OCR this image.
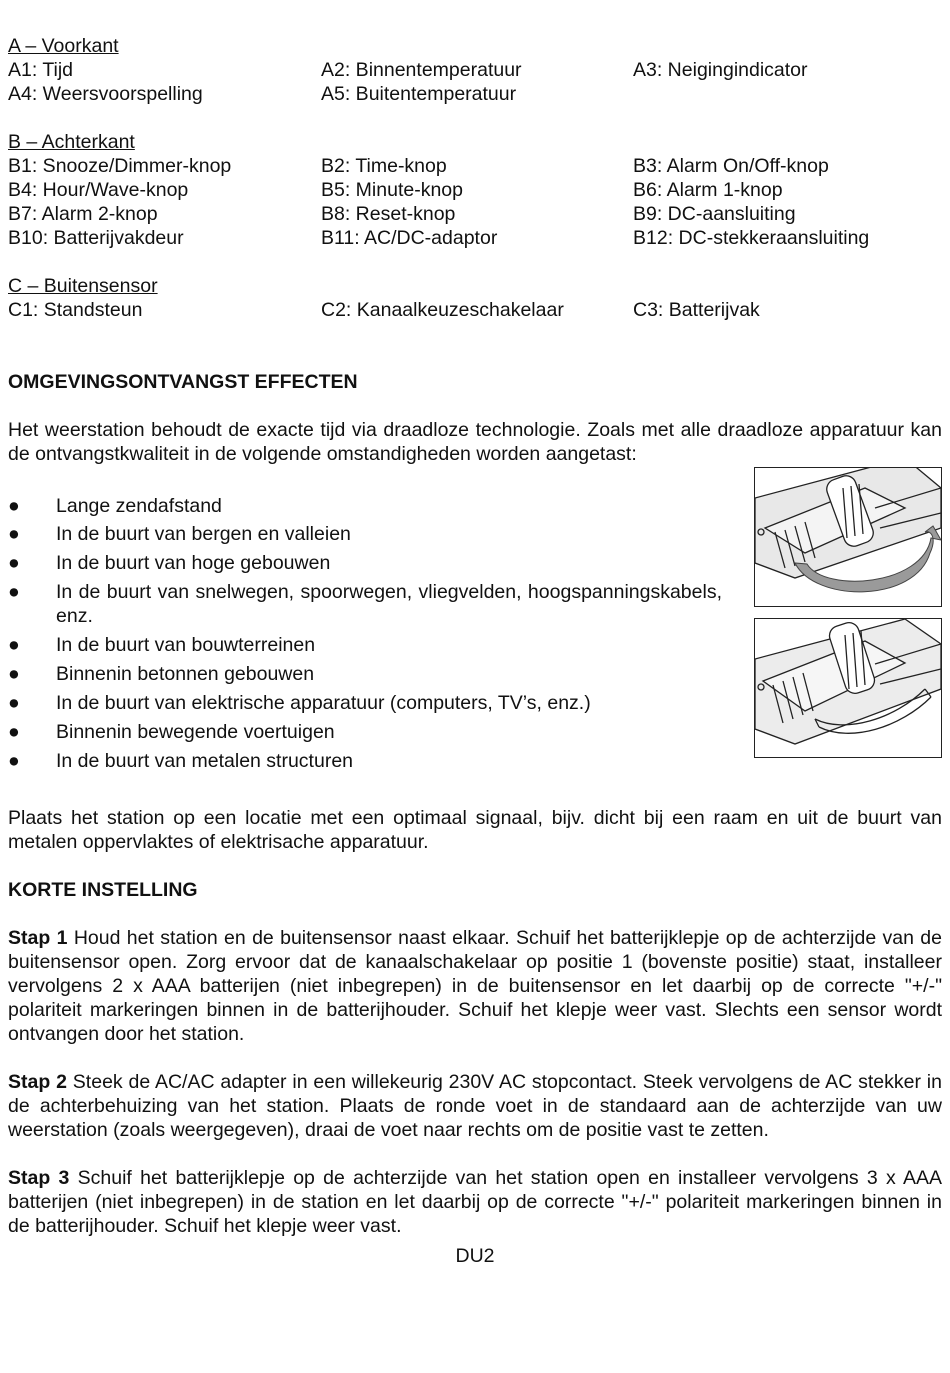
A – Voorkant
A1: Tijd	A2: Binnentemperatuur	A3: Neigingindicator
A4: Weersvoorspelling	A5: Buitentemperatuur
B – Achterkant
B1: Snooze/Dimmer-knop	B2: Time-knop	B3: Alarm On/Off-knop
B4: Hour/Wave-knop	B5: Minute-knop	B6: Alarm 1-knop
B7: Alarm 2-knop	B8: Reset-knop	B9: DC-aansluiting
B10: Batterijvakdeur	B11: AC/DC-adaptor	B12: DC-stekkeraansluiting
C – Buitensensor
C1: Standsteun	C2: Kanaalkeuzeschakelaar	C3: Batterijvak
OMGEVINGSONTVANGST EFFECTEN

Het weerstation behoudt de exacte tijd via draadloze technologie. Zoals met alle draadloze apparatuur kan de ontvangstkwaliteit in de volgende omstandigheden worden aangetast:

● Lange zendafstand
● In de buurt van bergen en valleien
● In de buurt van hoge gebouwen
● In de buurt van snelwegen, spoorwegen, vliegvelden, hoogspanningskabels, enz.
● In de buurt van bouwterreinen
● Binnenin betonnen gebouwen
● In de buurt van elektrische apparatuur (computers, TV’s, enz.)
● Binnenin bewegende voertuigen
● In de buurt van metalen structuren

Plaats het station op een locatie met een optimaal signaal, bijv. dicht bij een raam en uit de buurt van metalen oppervlaktes of elektrisache apparatuur.

KORTE INSTELLING

Stap 1 Houd het station en de buitensensor naast elkaar. Schuif het batterijklepje op de achterzijde van de buitensensor open. Zorg ervoor dat de kanaalschakelaar op positie 1 (bovenste positie) staat, installeer vervolgens 2 x AAA batterijen (niet inbegrepen) in de buitensensor en let daarbij op de correcte "+/-" polariteit markeringen binnen in de batterijhouder. Schuif het klepje weer vast. Slechts een sensor wordt ontvangen door het station.

Stap 2 Steek de AC/AC adapter in een willekeurig 230V AC stopcontact. Steek vervolgens de AC stekker in de achterbehuizing van het station. Plaats de ronde voet in de standaard aan de achterzijde van uw weerstation (zoals weergegeven), draai de voet naar rechts om de positie vast te zetten.

Stap 3 Schuif het batterijklepje op de achterzijde van het station open en installeer vervolgens 3 x AAA batterijen (niet inbegrepen) in de station en let daarbij op de correcte "+/-" polariteit markeringen binnen in de batterijhouder. Schuif het klepje weer vast.

DU2
